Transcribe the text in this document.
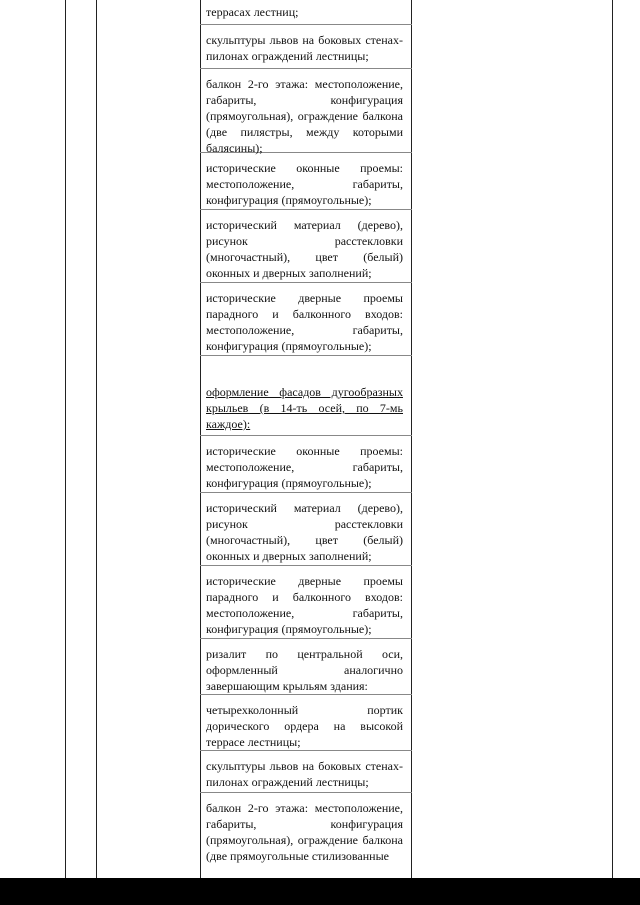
террасах лестниц;
скульптуры львов на боковых стенах-пилонах ограждений лестницы;
балкон 2-го этажа: местоположение, габариты, конфигурация (прямоугольная), ограждение балкона (две пилястры, между которыми балясины);
исторические оконные проемы: местоположение, габариты, конфигурация (прямоугольные);
исторический материал (дерево), рисунок расстекловки (многочастный), цвет (белый) оконных и дверных заполнений;
исторические дверные проемы парадного и балконного входов: местоположение, габариты, конфигурация (прямоугольные);
оформление фасадов дугообразных крыльев (в 14-ть осей, по 7-мь каждое):
исторические оконные проемы: местоположение, габариты, конфигурация (прямоугольные);
исторический материал (дерево), рисунок расстекловки (многочастный), цвет (белый) оконных и дверных заполнений;
исторические дверные проемы парадного и балконного входов: местоположение, габариты, конфигурация (прямоугольные);
ризалит по центральной оси, оформленный аналогично завершающим крыльям здания:
четырехколонный портик дорического ордера на высокой террасе лестницы;
скульптуры львов на боковых стенах-пилонах ограждений лестницы;
балкон 2-го этажа: местоположение, габариты, конфигурация (прямоугольная), ограждение балкона (две прямоугольные стилизованные
